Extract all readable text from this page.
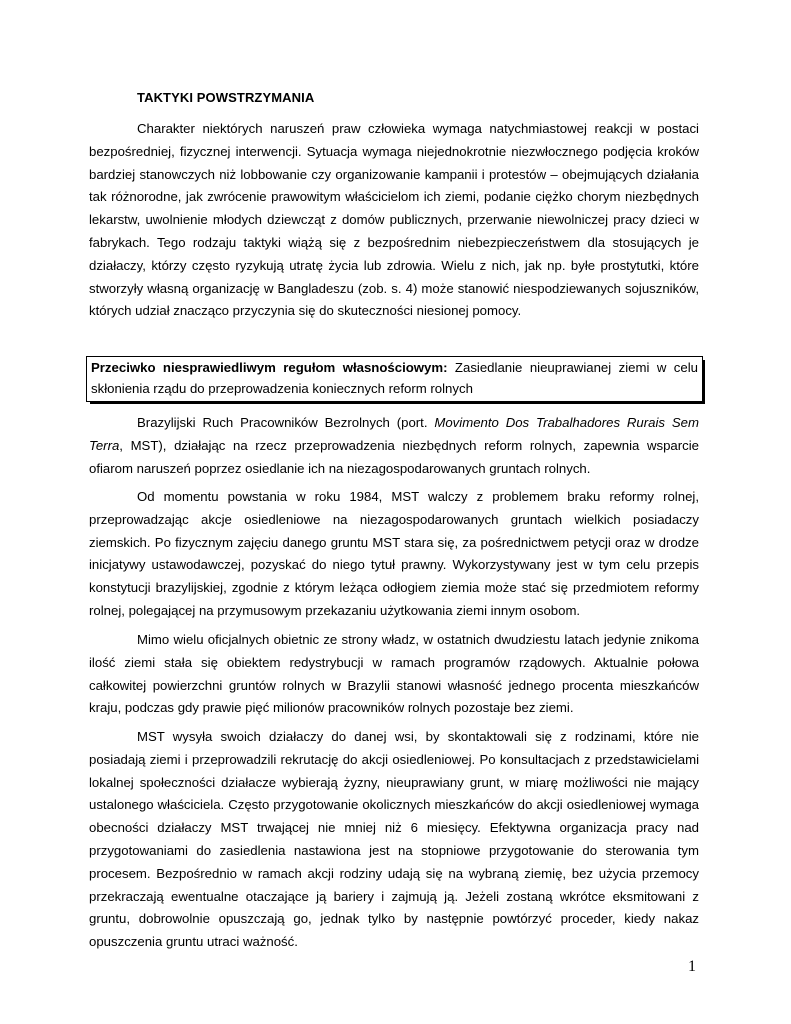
TAKTYKI POWSTRZYMANIA

Charakter niektórych naruszeń praw człowieka wymaga natychmiastowej reakcji w postaci bezpośredniej, fizycznej interwencji. Sytuacja wymaga niejednokrotnie niezwłocznego podjęcia kroków bardziej stanowczych niż lobbowanie czy organizowanie kampanii i protestów – obejmujących działania tak różnorodne, jak zwrócenie prawowitym właścicielom ich ziemi, podanie ciężko chorym niezbędnych lekarstw, uwolnienie młodych dziewcząt z domów publicznych, przerwanie niewolniczej pracy dzieci w fabrykach. Tego rodzaju taktyki wiążą się z bezpośrednim niebezpieczeństwem dla stosujących je działaczy, którzy często ryzykują utratę życia lub zdrowia. Wielu z nich, jak np. byłe prostytutki, które stworzyły własną organizację w Bangladeszu (zob. s. 4) może stanowić niespodziewanych sojuszników, których udział znacząco przyczynia się do skuteczności niesionej pomocy.

Przeciwko niesprawiedliwym regułom własnościowym: Zasiedlanie nieuprawianej ziemi w celu skłonienia rządu do przeprowadzenia koniecznych reform rolnych

Brazylijski Ruch Pracowników Bezrolnych (port. Movimento Dos Trabalhadores Rurais Sem Terra, MST), działając na rzecz przeprowadzenia niezbędnych reform rolnych, zapewnia wsparcie ofiarom naruszeń poprzez osiedlanie ich na niezagospodarowanych gruntach rolnych.

Od momentu powstania w roku 1984, MST walczy z problemem braku reformy rolnej, przeprowadzając akcje osiedleniowe na niezagospodarowanych gruntach wielkich posiadaczy ziemskich. Po fizycznym zajęciu danego gruntu MST stara się, za pośrednictwem petycji oraz w drodze inicjatywy ustawodawczej, pozyskać do niego tytuł prawny. Wykorzystywany jest w tym celu przepis konstytucji brazylijskiej, zgodnie z którym leżąca odłogiem ziemia może stać się przedmiotem reformy rolnej, polegającej na przymusowym przekazaniu użytkowania ziemi innym osobom.

Mimo wielu oficjalnych obietnic ze strony władz, w ostatnich dwudziestu latach jedynie znikoma ilość ziemi stała się obiektem redystrybucji w ramach programów rządowych. Aktualnie połowa całkowitej powierzchni gruntów rolnych w Brazylii stanowi własność jednego procenta mieszkańców kraju, podczas gdy prawie pięć milionów pracowników rolnych pozostaje bez ziemi.

MST wysyła swoich działaczy do danej wsi, by skontaktowali się z rodzinami, które nie posiadają ziemi i przeprowadzili rekrutację do akcji osiedleniowej. Po konsultacjach z przedstawicielami lokalnej społeczności działacze wybierają żyzny, nieuprawiany grunt, w miarę możliwości nie mający ustalonego właściciela. Często przygotowanie okolicznych mieszkańców do akcji osiedleniowej wymaga obecności działaczy MST trwającej nie mniej niż 6 miesięcy. Efektywna organizacja pracy nad przygotowaniami do zasiedlenia nastawiona jest na stopniowe przygotowanie do sterowania tym procesem. Bezpośrednio w ramach akcji rodziny udają się na wybraną ziemię, bez użycia przemocy przekraczają ewentualne otaczające ją bariery i zajmują ją. Jeżeli zostaną wkrótce eksmitowani z gruntu, dobrowolnie opuszczają go, jednak tylko by następnie powtórzyć proceder, kiedy nakaz opuszczenia gruntu utraci ważność.

1
